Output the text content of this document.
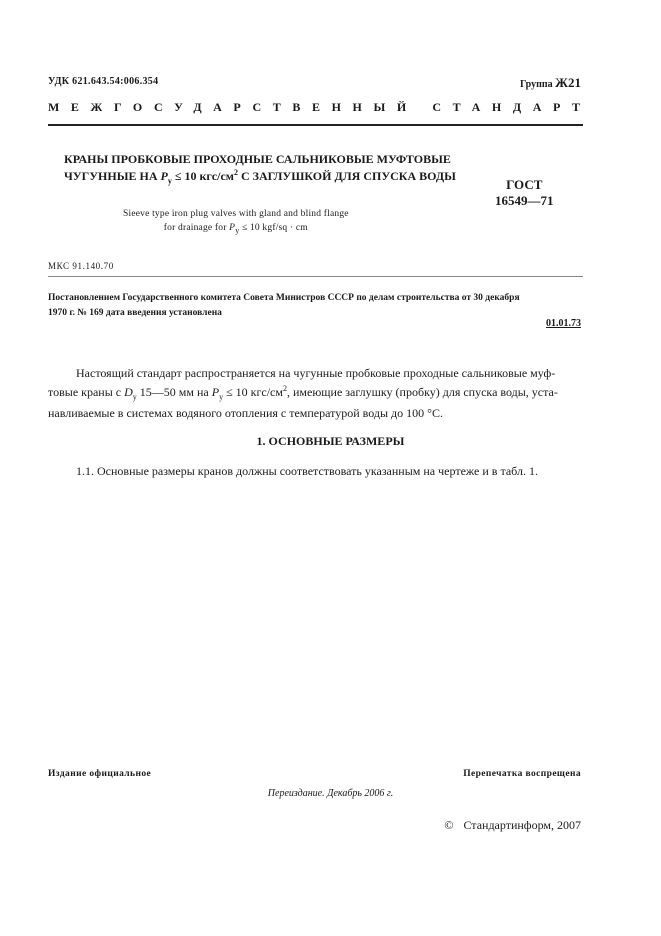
УДК 621.643.54:006.354	Группа Ж21
МЕЖГОСУДАРСТВЕННЫЙ СТАНДАРТ
КРАНЫ ПРОБКОВЫЕ ПРОХОДНЫЕ САЛЬНИКОВЫЕ МУФТОВЫЕ
ЧУГУННЫЕ НА $P_y \le 10$ кгс/$см^2$ С ЗАГЛУШКОЙ ДЛЯ СПУСКА ВОДЫ
ГОСТ
16549—71
Sieeve type iron plug valves with gland and blind flange
for drainage for $P_y \le 10$ kgf/sq · cm
МКС 91.140.70
Постановлением Государственного комитета Совета Министров СССР по делам строительства от 30 декабря
1970 г. № 169 дата введения установлена
01.01.73

Настоящий стандарт распространяется на чугунные пробковые проходные сальниковые муф-

товые краны с $D_y$ 15—50 мм на $P_y \le 10$ кгс/$см^2$, имеющие заглушку (пробку) для спуска воды, уста-
навливаемые в системах водяного отопления с температурой воды до 100 °С.
1. ОСНОВНЫЕ РАЗМЕРЫ
1.1. Основные размеры кранов должны соответствовать указанным на чертеже и в табл. 1.
Издание официальное	Перепечатка воспрещена
Переиздание. Декабрь 2006 г.
© Стандартинформ, 2007
